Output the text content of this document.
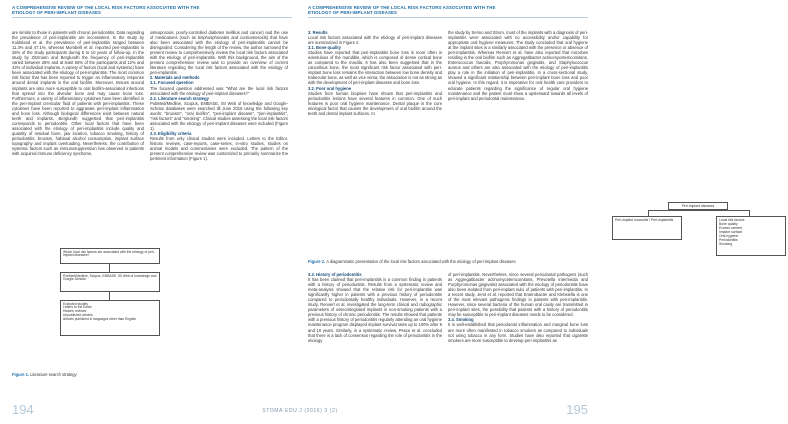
A COMPREHENSIVE REVIEW OF THE LOCAL RISK FACTORS ASSOCIATED WITH THE ETIOLOGY OF PERI-IMPLANT DISEASES

are similar to those in patients with chronic periodontitis. Data regarding the prevalence of peri-implantitis are inconsistent. In the study by Koldsland et al. the prevalence of peri-implantitis ranged between 11.3% and 47.1%, whereas Mombelli et al. reported peri-implantitis in 28% of the study participants during 5 to 10 years of follow-up. In the study by Zitzmann and Berglundh the frequency of peri-implantitis varied between 28% and at least 56% of the participants and 12% and 43% of individual implants. A variety of factors (local and systemic) have been associated with the etiology of peri-implantitis. The most common risk factor that has been reported to trigger an inflammatory response around dental implants is the oral biofilm. Moreover, tissues around implants are also more susceptible to oral biofilm-associated infections that spread into the alveolar bone and may cause bone loss. Furthermore, a variety of inflammatory cytokines have been identified in the peri-implant crevicular fluid of patients with peri-implantitis. These cytokines have been reported to aggravate peri-implant inflammation and bone loss. Although biological differences exist between natural teeth and implants, Berglundh suggested that peri-implantitis corresponds to periodontitis. Other local factors that have been associated with the etiology of peri-implantitis include quality and quantity of residual bone, jaw location, tobacco smoking, history of periodontitis, bruxism, habitual alcohol consumption, implant surface topography and implant overloading. Nevertheless, the contribution of systemic factors such as immunosuppression has observed in patients with acquired immune deficiency syndrome,

osteoporosis, poorly-controlled diabetes mellitus and cancer) and the use of medications (such as bisphosphonates and corticosteroids) that have also been associated with the etiology of peri-implantitis cannot be disregarded. Considering the length of the review, the author narrowed the present review to comprehensively review the local risk factors associated with the etiology of peri-implantitis. With this background, the aim of the present comprehensive review was to provide an overview of current literature regarding the local risk factors associated with the etiology of peri-implantitis.

2. Materials and methods

2.1. Focused question

The focused question addressed was "What are the local risk factors associated with the etiology of peri-implant diseases?"

2.2. Literature search strategy

PubMed/Medline, Scopus, EMBASE, ISI Web of knowledge and Google-Scholar databases were searched till June 2016 using the following key words: "bruxism", "oral biofilm", "peri-implant disease", "peri-implantitis", "risk factors" and "smoking". Clinical studies assessing the local risk factors associated with the etiology of peri-implant diseases were included (Figure 1).

2.3. Eligibility criteria

Results from only clinical studies were included. Letters to the Editor, historic reviews, case-reports, case-series, in-vitro studies, studies on animal models and commentaries were excluded. The pattern of the present comprehensive review was customized to primarily summarize the pertinent information (Figure 1).

Which local risk factors are associated with the etiology of peri-implant diseases?
PubMed/Medline, Scopus, EMBASE, ISI Web of knowledge and Google-Scholar
Excluded studies
Letters to the Editor
Historic reviews
Unpublished articles
Articles published in languages other than English
Figure 1. Literature search strategy
194
A COMPREHENSIVE REVIEW OF THE LOCAL RISK FACTORS ASSOCIATED WITH THE ETIOLOGY OF PERI-IMPLANT DISEASES

3. Results

Local risk factors associated with the etiology of peri-implant diseases are summarized in Figure 2.

3.1. Bone quality

Studies have reported that peri-implantitis bone loss is more often in edentulous of the mandible, which is composed of dense cortical bone as compared to the maxilla. It has also been suggested that in the cancellous bone, the most significant risk factor associated with peri-implant bone loss remains the interaction between low bone density and trabecular bone, as well as vice versa; the association is not as strong as with the development of peri-implant diseases and bone loss.

3.2. Poor oral hygiene

Studies from human biopsies have shown that peri-implantitis and periodontitis lesions have several features in common. One of such features is poor oral hygiene maintenance. Dental plaque is the core etiological factor that causes the development of oral biofilm around the teeth and dental implant surfaces. In

the study by Serino and Strom, most of the implants with a diagnosis of peri-implantitis were associated with no accessibility and/or capability for appropriate oral hygiene measures. The study concluded that oral hygiene at the implant sites is a similarly associated with the presence or absence of peri-implantitis. Whereas Renvert et al. have also reported that microbes residing in the oral biofilm such as Aggregatibacter actinomycetemcomitans, Enterococcus faecalis, Porphyromonas gingivalis, and Staphylococcus aureus and others are also associated with the etiology of peri-implantitis play a role in the initiation of peri-implantitis. In a cross-sectional study, showed a significant relationship between peri-implant bone loss and poor oral hygiene. In this regard, it is imperative for oral health care providers to educate patients regarding the significance of regular oral hygiene maintenance and the patient must show a upsterward towards all levels of peri-implant and periodontal maintenance.

Peri-implant diseases
Peri-implant mucositis / Peri-implantitis	Local risk factors
Bone quality
Excess cement
Implant surface
Oral hygiene
Periodontitis
Smoking
Figure 2. A diagrammatic presentation of the local risk factors associated with the etiology of peri-implant diseases

3.3. History of periodontitis

It has been claimed that peri-implantitis is a common finding in patients with a history of periodontitis. Results from a systematic review and meta-analysis showed that the relative risk for peri-implantitis was significantly higher in patients with a previous history of periodontitis compared to periodontally healthy individuals. However, in a recent study, Renvert et al. investigated the long-term clinical and radiographic parameters of osseointegrated implants in non-smoking patients with a previous history of chronic periodontitis. The results showed that patients with a previous history of periodontitis regularly attending an oral hygiene maintenance program displayed implant survival rates up to 100% after 5 and 10 years. Similarly, in a systematic review, Pesce et al. concluded that there is a lack of consensus regarding the role of periodontitis in the etiology

of peri-implantitis. Nevertheless, since several periodontal pathogens (such as Aggregatibacter actinomycetemcomitans, Prevotella intermedia and Porphyromonas gingivalis) associated with the etiology of periodontitis have also been isolated from peri-implant sulci of patients with peri-implantitis. In a recent study, Jemt et al. reported that Enterobacter and Klebsiella is one of the most relevant pathogenic findings in patients with peri-implantitis. However, since several bacteria of the human oral cavity are transmitted in peri-implant sites, the possibility that patients with a history of periodontitis may be susceptible to peri-implant diseases needs to be considered.

3.4. Smoking

It is well-established that periodontal inflammation and marginal bone loss are more often manifested in tobacco smokers as compared to individuals not using tobacco in any form. Studies have also reported that cigarette smokers are more susceptible to develop peri-implantitis as

195
STOMA.EDU J (2016) 3 (2)
